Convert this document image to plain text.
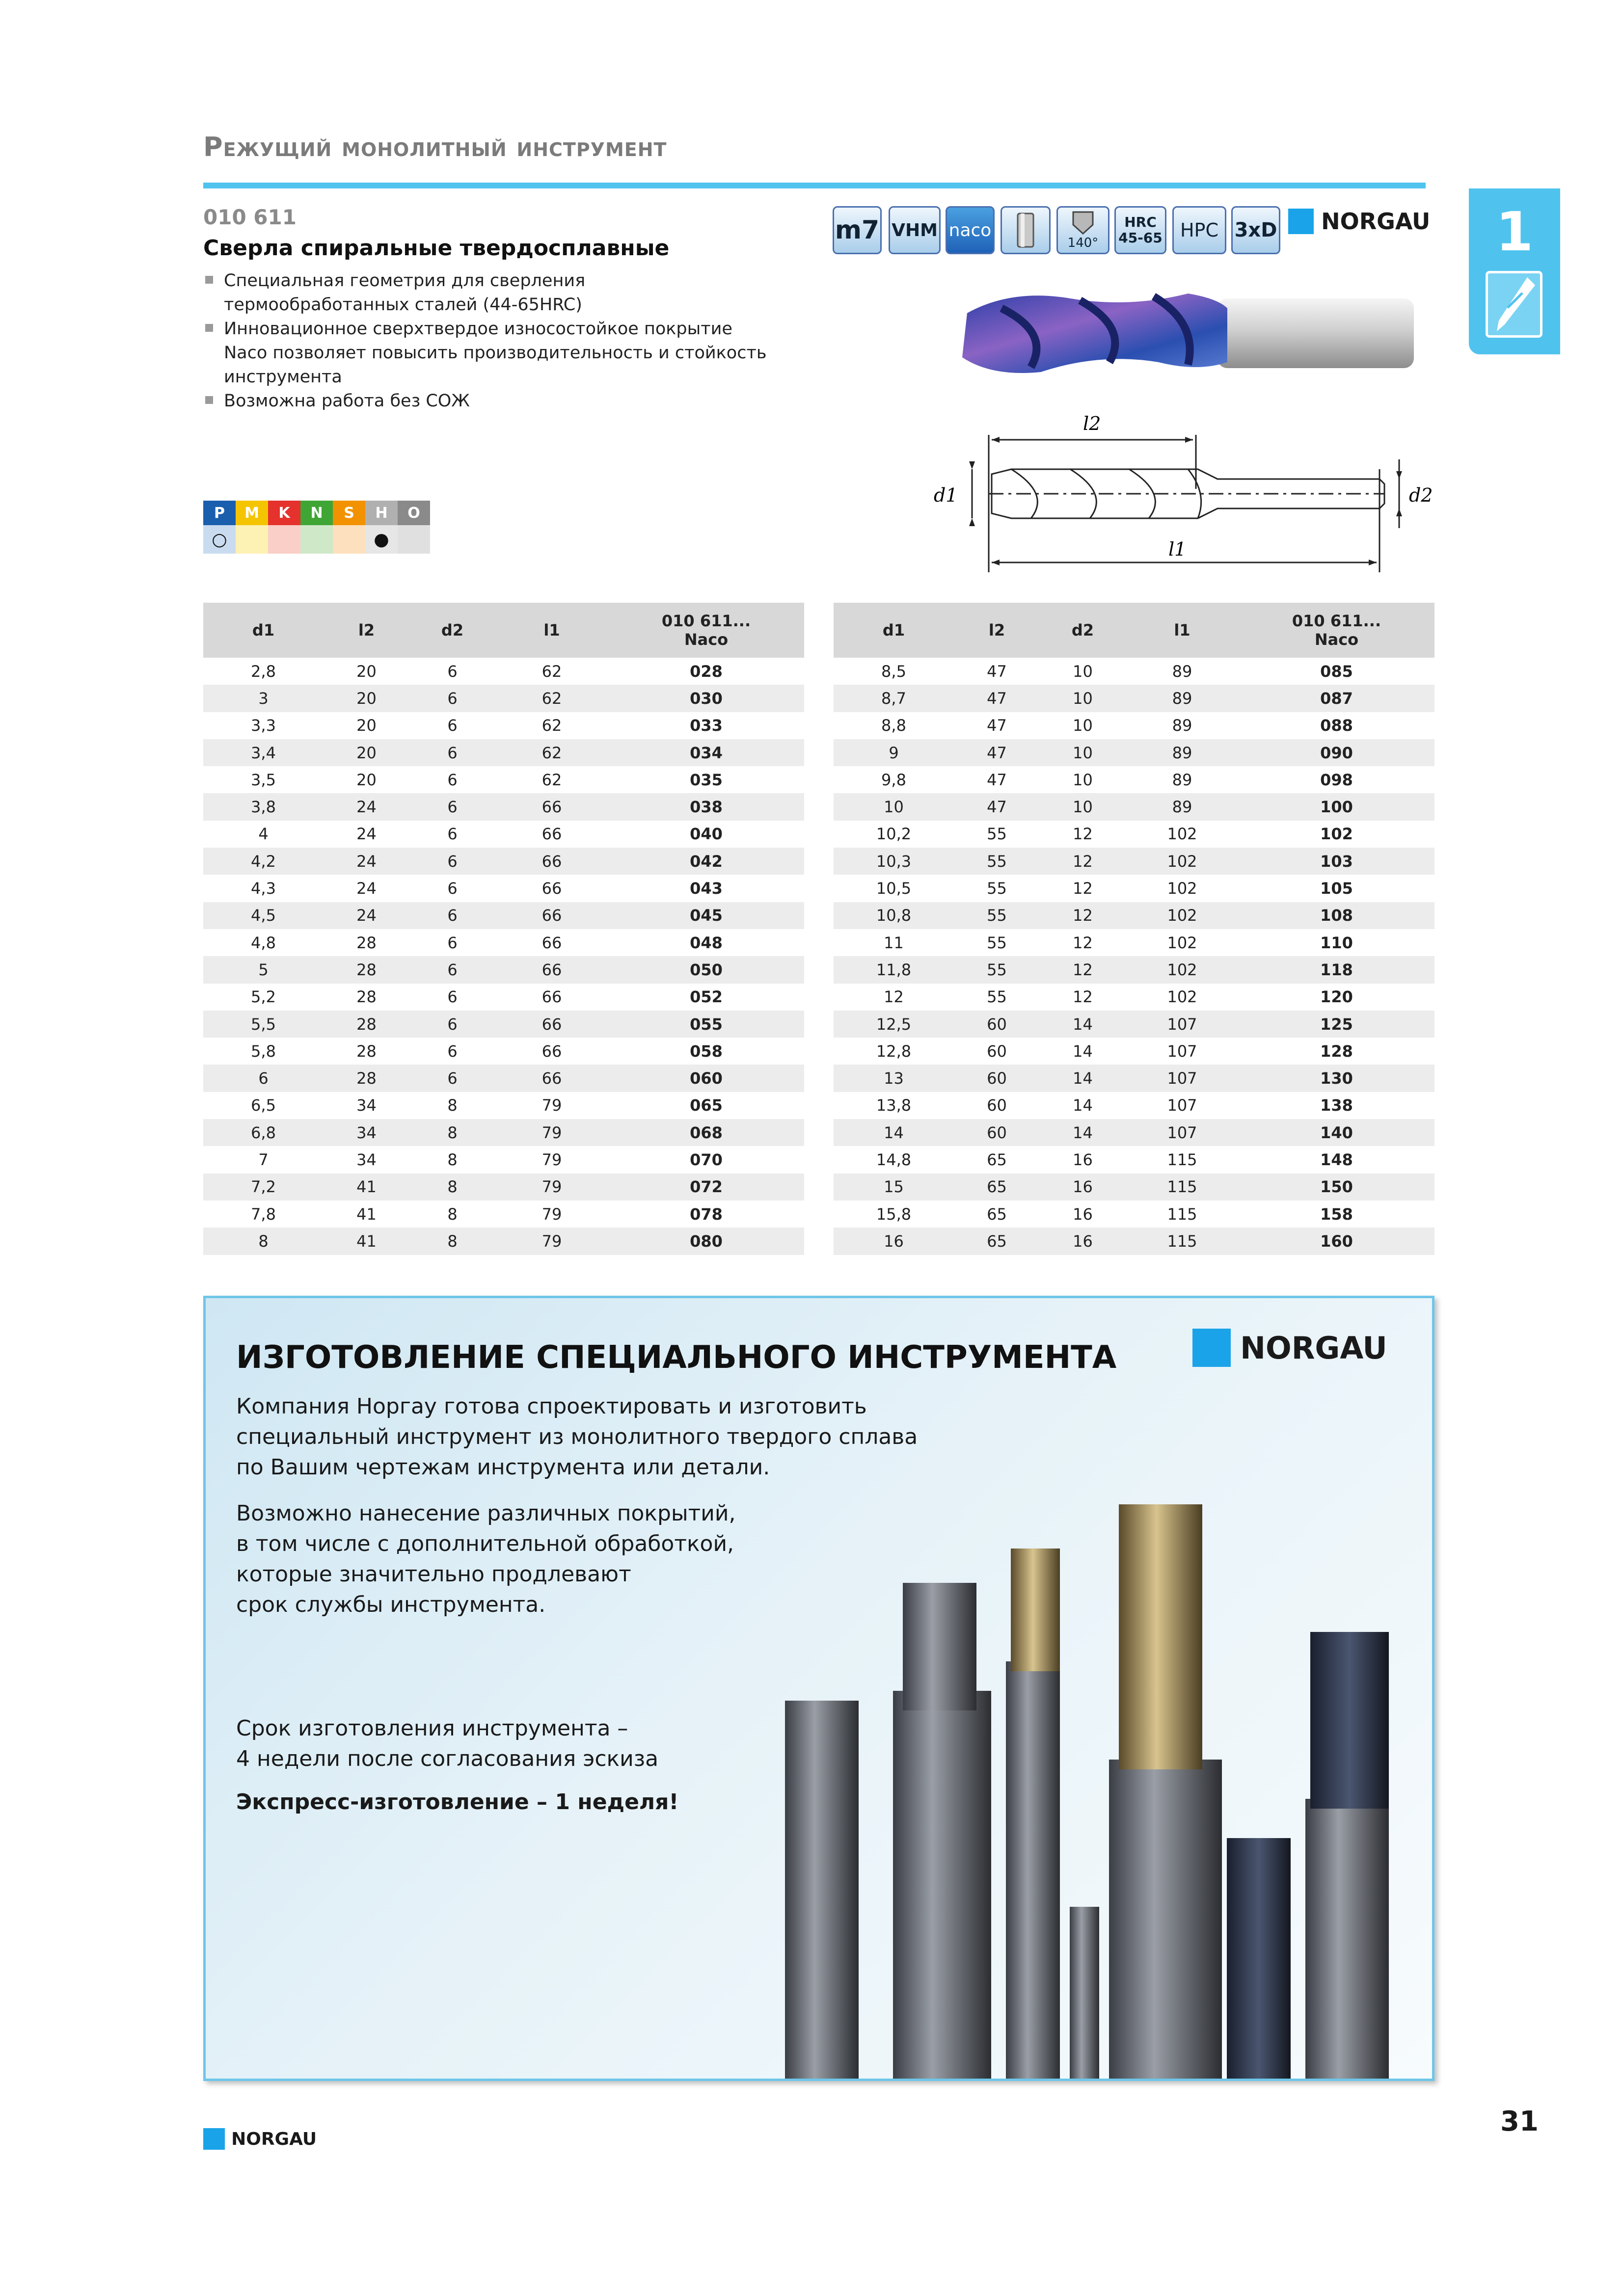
Режущий монолитный инструмент
010 611
Сверла спиральные твердосплавные
Специальная геометрия для сверления термообработанных сталей (44-65HRC)
Инновационное сверхтвердое износостойкое покрытие Naco позволяет повысить производительность и стойкость инструмента
Возможна работа без СОЖ
m7 VHM naco
140°
HRC
45-65 HPC 3xD	NORGAU	1
l2
l1
d1	d2
P	M	K	N	S	H	O
○					●	
d1	l2	d2	l1	010 611...
Naco

2,8	20	6	62	028
3	20	6	62	030
3,3	20	6	62	033
3,4	20	6	62	034
3,5	20	6	62	035
3,8	24	6	66	038
4	24	6	66	040
4,2	24	6	66	042
4,3	24	6	66	043
4,5	24	6	66	045
4,8	28	6	66	048
5	28	6	66	050
5,2	28	6	66	052
5,5	28	6	66	055
5,8	28	6	66	058
6	28	6	66	060
6,5	34	8	79	065
6,8	34	8	79	068
7	34	8	79	070
7,2	41	8	79	072
7,8	41	8	79	078
8	41	8	79	080
d1	l2	d2	l1	010 611...
Naco

8,5	47	10	89	085
8,7	47	10	89	087
8,8	47	10	89	088
9	47	10	89	090
9,8	47	10	89	098
10	47	10	89	100
10,2	55	12	102	102
10,3	55	12	102	103
10,5	55	12	102	105
10,8	55	12	102	108
11	55	12	102	110
11,8	55	12	102	118
12	55	12	102	120
12,5	60	14	107	125
12,8	60	14	107	128
13	60	14	107	130
13,8	60	14	107	138
14	60	14	107	140
14,8	65	16	115	148
15	65	16	115	150
15,8	65	16	115	158
16	65	16	115	160
ИЗГОТОВЛЕНИЕ СПЕЦИАЛЬНОГО ИНСТРУМЕНТА	NORGAU
Компания Норгау готова спроектировать и изготовить
специальный инструмент из монолитного твердого сплава
по Вашим чертежам инструмента или детали.
Возможно нанесение различных покрытий,
в том числе с дополнительной обработкой,
которые значительно продлевают
срок службы инструмента.
Срок изготовления инструмента –
4 недели после согласования эскиза
Экспресс-изготовление – 1 неделя!
NORGAU
31
